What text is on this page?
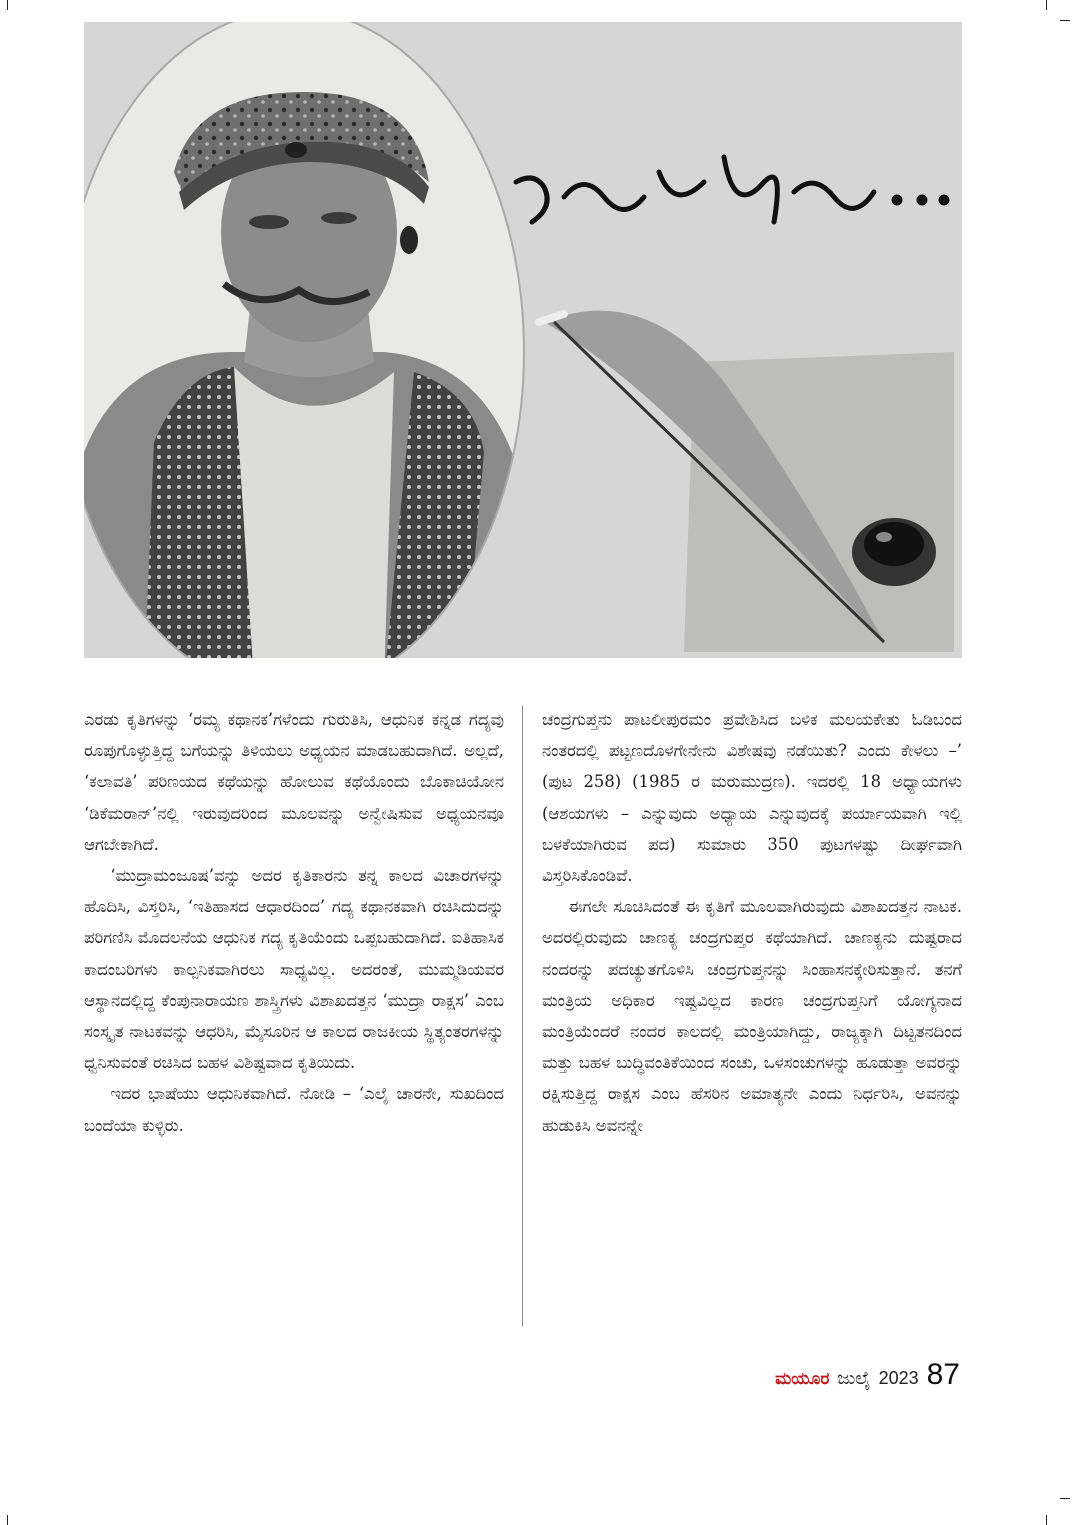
ಎರಡು ಕೃತಿಗಳನ್ನು ‘ರಮ್ಯ ಕಥಾನಕ’ಗಳೆಂದು ಗುರುತಿಸಿ, ಆಧುನಿಕ ಕನ್ನಡ ಗದ್ಯವು ರೂಪುಗೊಳ್ಳುತ್ತಿದ್ದ ಬಗೆಯನ್ನು ತಿಳಿಯಲು ಅಧ್ಯಯನ ಮಾಡಬಹುದಾಗಿದೆ. ಅಲ್ಲದೆ, ‘ಕಲಾವತಿ’ ಪರಿಣಯದ ಕಥೆಯನ್ನು ಹೋಲುವ ಕಥೆಯೊಂದು ಬೊಕಾಚಿಯೋನ ‘ಡಿಕೆಮರಾನ್’ನಲ್ಲಿ ಇರುವುದರಿಂದ ಮೂಲವನ್ನು ಅನ್ವೇಷಿಸುವ ಅಧ್ಯಯನವೂ ಆಗಬೇಕಾಗಿದೆ.

‘ಮುದ್ರಾಮಂಜೂಷ’ವನ್ನು ಅದರ ಕೃತಿಕಾರನು ತನ್ನ ಕಾಲದ ವಿಚಾರಗಳನ್ನು ಹೊದಿಸಿ, ವಿಸ್ತರಿಸಿ, ‘ಇತಿಹಾಸದ ಆಧಾರದಿಂದ’ ಗದ್ಯ ಕಥಾನಕವಾಗಿ ರಚಿಸಿದುದನ್ನು ಪರಿಗಣಿಸಿ ಮೊದಲನೆಯ ಆಧುನಿಕ ಗದ್ಯ ಕೃತಿಯೆಂದು ಒಪ್ಪಬಹುದಾಗಿದೆ. ಐತಿಹಾಸಿಕ ಕಾದಂಬರಿಗಳು ಕಾಲ್ಪನಿಕವಾಗಿರಲು ಸಾಧ್ಯವಿಲ್ಲ. ಅದರಂತೆ, ಮುಮ್ಮಡಿಯವರ ಆಸ್ಥಾನದಲ್ಲಿದ್ದ ಕೆಂಪುನಾರಾಯಣ ಶಾಸ್ತ್ರಿಗಳು ವಿಶಾಖದತ್ತನ ‘ಮುದ್ರಾ ರಾಕ್ಷಸ’ ಎಂಬ ಸಂಸ್ಕೃತ ನಾಟಕವನ್ನು ಆಧರಿಸಿ, ಮೈಸೂರಿನ ಆ ಕಾಲದ ರಾಜಕೀಯ ಸ್ಥಿತ್ಯಂತರಗಳನ್ನು ಧ್ವನಿಸುವಂತೆ ರಚಿಸಿದ ಬಹಳ ವಿಶಿಷ್ಟವಾದ ಕೃತಿಯಿದು.

ಇದರ ಭಾಷೆಯು ಆಧುನಿಕವಾಗಿದೆ. ನೋಡಿ – ‘ಎಲೈ ಚಾರನೇ, ಸುಖದಿಂದ ಬಂದೆಯಾ ಕುಳ್ಳಿರು.

ಚಂದ್ರಗುಪ್ತನು ಪಾಟಲೀಪುರಮಂ ಪ್ರವೇಶಿಸಿದ ಬಳಿಕ ಮಲಯಕೇತು ಓಡಿಬಂದ ನಂತರದಲ್ಲಿ ಪಟ್ಟಣದೊಳಗೇನೇನು ವಿಶೇಷವು ನಡೆಯಿತು? ಎಂದು ಕೇಳಲು –’ (ಪುಟ 258) (1985 ರ ಮರುಮುದ್ರಣ). ಇದರಲ್ಲಿ 18 ಅಧ್ಯಾಯಗಳು (ಆಶಯಗಳು – ಎನ್ನುವುದು ಅಧ್ಯಾಯ ಎನ್ನುವುದಕ್ಕೆ ಪರ್ಯಾಯವಾಗಿ ಇಲ್ಲಿ ಬಳಕೆಯಾಗಿರುವ ಪದ) ಸುಮಾರು 350 ಪುಟಗಳಷ್ಟು ದೀರ್ಘವಾಗಿ ವಿಸ್ತರಿಸಿಕೊಂಡಿವೆ.

ಈಗಲೇ ಸೂಚಿಸಿದಂತೆ ಈ ಕೃತಿಗೆ ಮೂಲವಾಗಿರುವುದು ವಿಶಾಖದತ್ತನ ನಾಟಕ. ಅದರಲ್ಲಿರುವುದು ಚಾಣಕ್ಯ ಚಂದ್ರಗುಪ್ತರ ಕಥೆಯಾಗಿದೆ. ಚಾಣಕ್ಯನು ದುಷ್ಟರಾದ ನಂದರನ್ನು ಪದಚ್ಯುತಗೊಳಿಸಿ ಚಂದ್ರಗುಪ್ತನನ್ನು ಸಿಂಹಾಸನಕ್ಕೇರಿಸುತ್ತಾನೆ. ತನಗೆ ಮಂತ್ರಿಯ ಅಧಿಕಾರ ಇಷ್ಟವಿಲ್ಲದ ಕಾರಣ ಚಂದ್ರಗುಪ್ತನಿಗೆ ಯೋಗ್ಯನಾದ ಮಂತ್ರಿಯೆಂದರೆ ನಂದರ ಕಾಲದಲ್ಲಿ ಮಂತ್ರಿಯಾಗಿದ್ದು, ರಾಜ್ಯಕ್ಕಾಗಿ ದಿಟ್ಟತನದಿಂದ ಮತ್ತು ಬಹಳ ಬುದ್ಧಿವಂತಿಕೆಯಿಂದ ಸಂಚು, ಒಳಸಂಚುಗಳನ್ನು ಹೂಡುತ್ತಾ ಅವರನ್ನು ರಕ್ಷಿಸುತ್ತಿದ್ದ ರಾಕ್ಷಸ ಎಂಬ ಹೆಸರಿನ ಅಮಾತ್ಯನೇ ಎಂದು ನಿರ್ಧರಿಸಿ, ಅವನನ್ನು ಹುಡುಕಿಸಿ ಅವನನ್ನೇ

ಮಯೂರ ಜುಲೈ 2023 87
